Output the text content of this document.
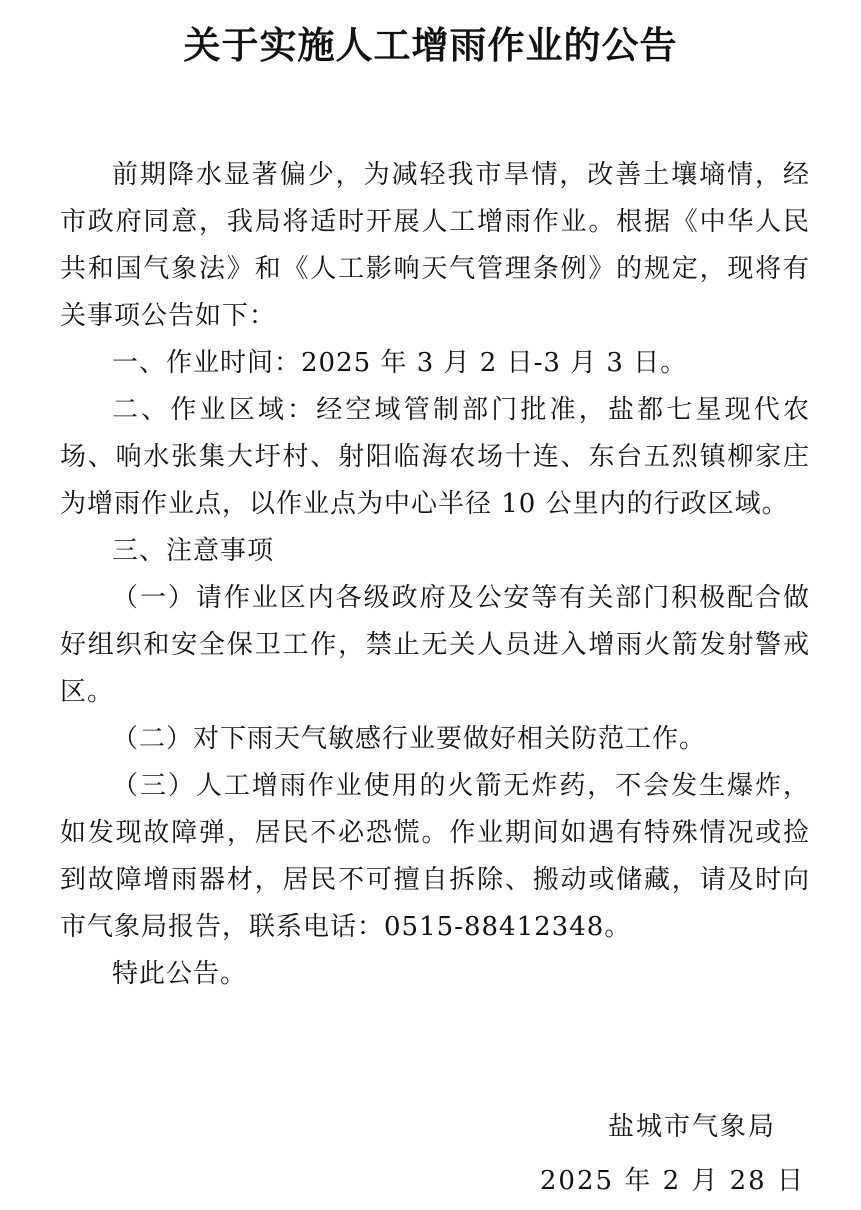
关于实施人工增雨作业的公告

前期降水显著偏少，为减轻我市旱情，改善土壤墒情，经市政府同意，我局将适时开展人工增雨作业。根据《中华人民共和国气象法》和《人工影响天气管理条例》的规定，现将有关事项公告如下：

一、作业时间：2025 年 3 月 2 日-3 月 3 日。

二、作业区域：经空域管制部门批准，盐都七星现代农场、响水张集大圩村、射阳临海农场十连、东台五烈镇柳家庄为增雨作业点，以作业点为中心半径 10 公里内的行政区域。

三、注意事项

（一）请作业区内各级政府及公安等有关部门积极配合做好组织和安全保卫工作，禁止无关人员进入增雨火箭发射警戒区。

（二）对下雨天气敏感行业要做好相关防范工作。

（三）人工增雨作业使用的火箭无炸药，不会发生爆炸，如发现故障弹，居民不必恐慌。作业期间如遇有特殊情况或捡到故障增雨器材，居民不可擅自拆除、搬动或储藏，请及时向市气象局报告，联系电话：0515-88412348。

特此公告。

盐城市气象局
2025 年 2 月 28 日
